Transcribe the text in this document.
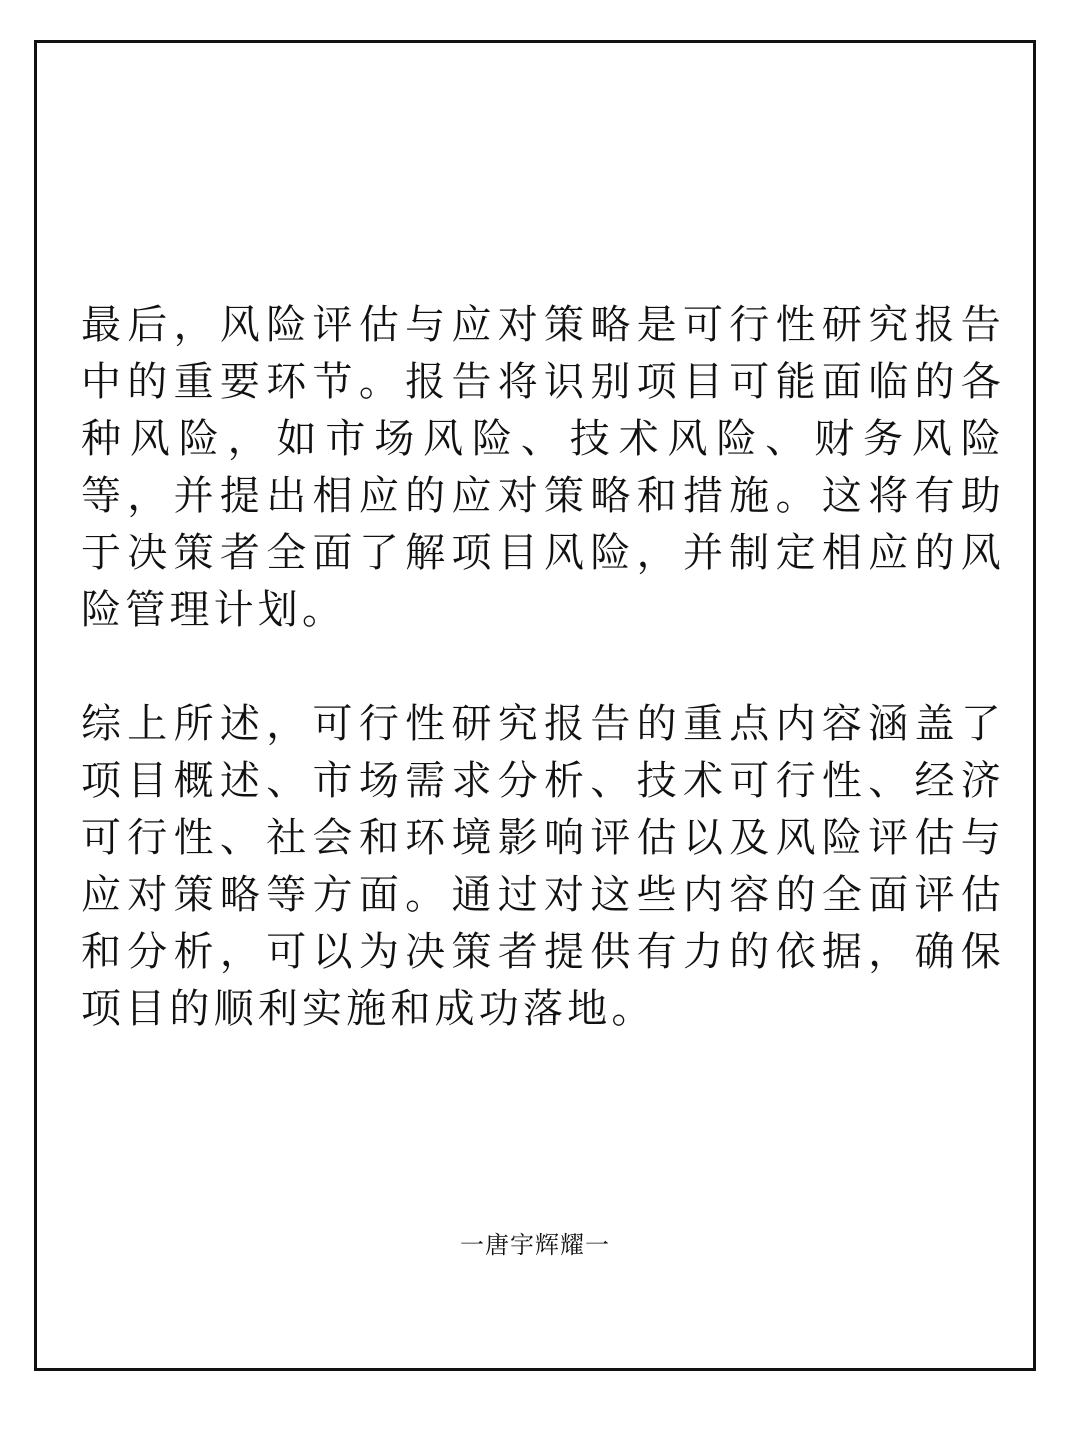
最后，风险评估与应对策略是可行性研究报告中的重要环节。报告将识别项目可能面临的各种风险，如市场风险、技术风险、财务风险等，并提出相应的应对策略和措施。这将有助于决策者全面了解项目风险，并制定相应的风险管理计划。

综上所述，可行性研究报告的重点内容涵盖了项目概述、市场需求分析、技术可行性、经济可行性、社会和环境影响评估以及风险评估与应对策略等方面。通过对这些内容的全面评估和分析，可以为决策者提供有力的依据，确保项目的顺利实施和成功落地。

一唐宇辉耀一
